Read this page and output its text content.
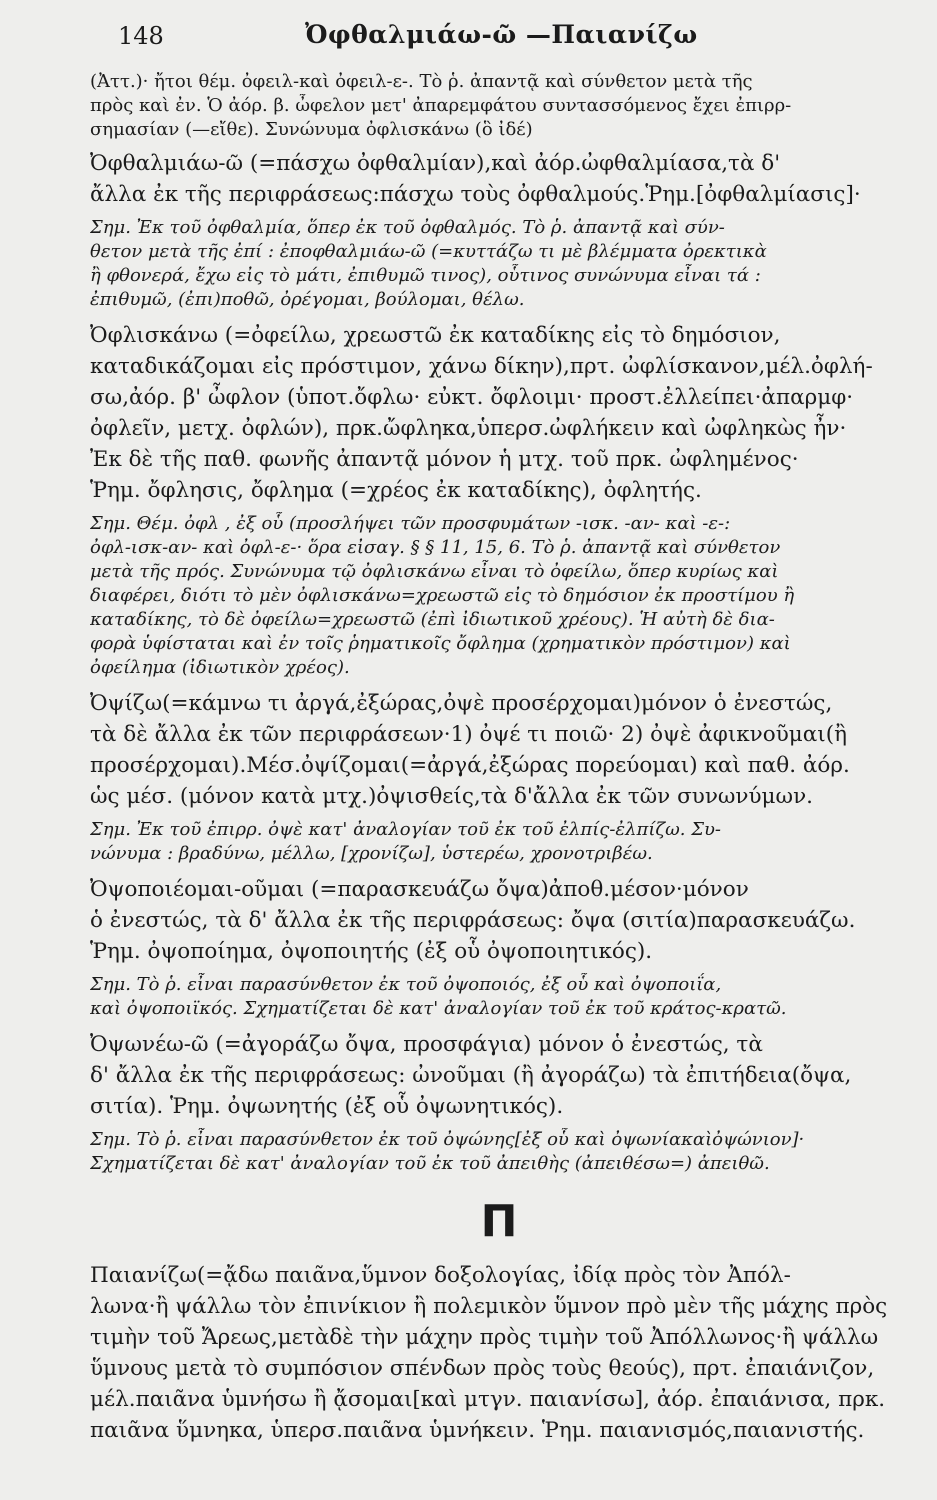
148	Ὀφθαλμιάω-ῶ —Παιανίζω
(Ἀττ.)· ἤτοι θέμ. ὀφειλ-καὶ ὀφειλ-ε-. Τὸ ῥ. ἀπαντᾷ καὶ σύνθετον μετὰ τῆς
πρὸς καὶ ἐν. Ὁ ἀόρ. β. ὦφελον μετ' ἀπαρεμφάτου συντασσόμενος ἔχει ἐπιρρ-
σημασίαν (—εἴθε). Συνώνυμα ὀφλισκάνω (ὃ ἰδέ)
Ὀφθαλμιάω-ῶ (=πάσχω ὀφθαλμίαν),καὶ ἀόρ.ὠφθαλμίασα,τὰ δ'
ἄλλα ἐκ τῆς περιφράσεως:πάσχω τοὺς ὀφθαλμούς.Ῥημ.[ὀφθαλμίασις]·
Σημ. Ἐκ τοῦ ὀφθαλμία, ὅπερ ἐκ τοῦ ὀφθαλμός. Τὸ ῥ. ἀπαντᾷ καὶ σύν-
θετον μετὰ τῆς ἐπί : ἐποφθαλμιάω-ῶ (=κυττάζω τι μὲ βλέμματα ὀρεκτικὰ
ἢ φθονερά, ἔχω εἰς τὸ μάτι, ἐπιθυμῶ τινος), οὗτινος συνώνυμα εἶναι τά :
ἐπιθυμῶ, (ἐπι)ποθῶ, ὀρέγομαι, βούλομαι, θέλω.
Ὀφλισκάνω (=ὀφείλω, χρεωστῶ ἐκ καταδίκης εἰς τὸ δημόσιον,
καταδικάζομαι εἰς πρόστιμον, χάνω δίκην),πρτ. ὠφλίσκανον,μέλ.ὀφλή-
σω,ἀόρ. β' ὦφλον (ὑποτ.ὄφλω· εὐκτ. ὄφλοιμι· προστ.ἐλλείπει·ἀπαρμφ·
ὀφλεῖν, μετχ. ὀφλών), πρκ.ὤφληκα,ὑπερσ.ὠφλήκειν καὶ ὠφληκὼς ἦν·
Ἐκ δὲ τῆς παθ. φωνῆς ἀπαντᾷ μόνον ἡ μτχ. τοῦ πρκ. ὠφλημένος·
Ῥημ. ὄφλησις, ὄφλημα (=χρέος ἐκ καταδίκης), ὀφλητής.
Σημ. Θέμ. ὀφλ , ἐξ οὗ (προσλήψει τῶν προσφυμάτων -ισκ. -αν- καὶ -ε-:
ὀφλ-ισκ-αν- καὶ ὀφλ-ε-· ὅρα εἰσαγ. § § 11, 15, 6. Τὸ ῥ. ἀπαντᾷ καὶ σύνθετον
μετὰ τῆς πρός. Συνώνυμα τῷ ὀφλισκάνω εἶναι τὸ ὀφείλω, ὅπερ κυρίως καὶ
διαφέρει, διότι τὸ μὲν ὀφλισκάνω=χρεωστῶ εἰς τὸ δημόσιον ἐκ προστίμου ἢ
καταδίκης, τὸ δὲ ὀφείλω=χρεωστῶ (ἐπὶ ἰδιωτικοῦ χρέους). Ἡ αὐτὴ δὲ δια-
φορὰ ὑφίσταται καὶ ἐν τοῖς ῥηματικοῖς ὄφλημα (χρηματικὸν πρόστιμον) καὶ
ὀφείλημα (ἰδιωτικὸν χρέος).
Ὀψίζω(=κάμνω τι ἀργά,ἐξώρας,ὀψὲ προσέρχομαι)μόνον ὁ ἐνεστώς,
τὰ δὲ ἄλλα ἐκ τῶν περιφράσεων·1) ὀψέ τι ποιῶ· 2) ὀψὲ ἀφικνοῦμαι(ἢ
προσέρχομαι).Μέσ.ὀψίζομαι(=ἀργά,ἐξώρας πορεύομαι) καὶ παθ. ἀόρ.
ὡς μέσ. (μόνον κατὰ μτχ.)ὀψισθείς,τὰ δ'ἄλλα ἐκ τῶν συνωνύμων.
Σημ. Ἐκ τοῦ ἐπιρρ. ὀψὲ κατ' ἀναλογίαν τοῦ ἐκ τοῦ ἐλπίς-ἐλπίζω. Συ-
νώνυμα : βραδύνω, μέλλω, [χρονίζω], ὑστερέω, χρονοτριβέω.
Ὀψοποιέομαι-οῦμαι (=παρασκευάζω ὄψα)ἀποθ.μέσον·μόνον
ὁ ἐνεστώς, τὰ δ' ἄλλα ἐκ τῆς περιφράσεως: ὄψα (σιτία)παρασκευάζω.
Ῥημ. ὀψοποίημα, ὀψοποιητής (ἐξ οὗ ὀψοποιητικός).
Σημ. Τὸ ῥ. εἶναι παρασύνθετον ἐκ τοῦ ὀψοποιός, ἐξ οὗ καὶ ὀψοποιΐα,
καὶ ὀψοποιϊκός. Σχηματίζεται δὲ κατ' ἀναλογίαν τοῦ ἐκ τοῦ κράτος-κρατῶ.
Ὀψωνέω-ῶ (=ἀγοράζω ὄψα, προσφάγια) μόνον ὁ ἐνεστώς, τὰ
δ' ἄλλα ἐκ τῆς περιφράσεως: ὠνοῦμαι (ἢ ἀγοράζω) τὰ ἐπιτήδεια(ὄψα,
σιτία). Ῥημ. ὀψωνητής (ἐξ οὗ ὀψωνητικός).
Σημ. Τὸ ῥ. εἶναι παρασύνθετον ἐκ τοῦ ὀψώνης[ἐξ οὗ καὶ ὀψωνίακαὶὀψώνιον]·
Σχηματίζεται δὲ κατ' ἀναλογίαν τοῦ ἐκ τοῦ ἀπειθὴς (ἀπειθέσω=) ἀπειθῶ.
Π
Παιανίζω(=ᾄδω παιᾶνα,ὕμνον δοξολογίας, ἰδίᾳ πρὸς τὸν Ἀπόλ-
λωνα·ἢ ψάλλω τὸν ἐπινίκιον ἢ πολεμικὸν ὕμνον πρὸ μὲν τῆς μάχης πρὸς
τιμὴν τοῦ Ἄρεως,μετὰδὲ τὴν μάχην πρὸς τιμὴν τοῦ Ἀπόλλωνος·ἢ ψάλλω
ὕμνους μετὰ τὸ συμπόσιον σπένδων πρὸς τοὺς θεούς), πρτ. ἐπαιάνιζον,
μέλ.παιᾶνα ὑμνήσω ἢ ᾄσομαι[καὶ μτγν. παιανίσω], ἀόρ. ἐπαιάνισα, πρκ.
παιᾶνα ὕμνηκα, ὑπερσ.παιᾶνα ὑμνήκειν. Ῥημ. παιανισμός,παιανιστής.
